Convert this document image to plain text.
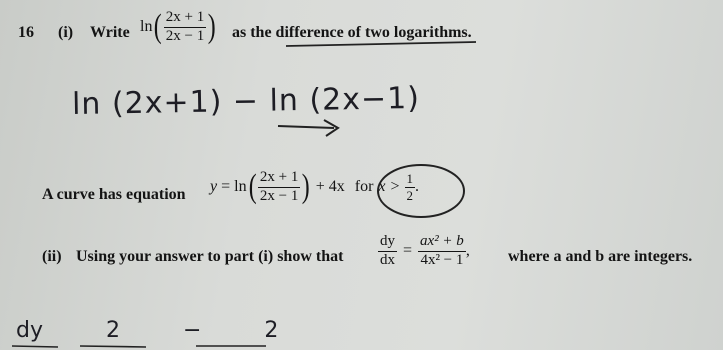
16 (i) Write ln ( $\frac{2x + 1}{2x - 1}$ ) as the difference of two logarithms.
ln (2x+1) − ln (2x−1)
A curve has equation y = ln ( $\frac{2x + 1}{2x - 1}$ ) + 4x for $x > \frac{1}{2}$ .
(ii) Using your answer to part (i) show that $\frac{dy}{dx} = \frac{\text{ax² + b}}{\text{4x² − 1}}$ , where a and b are integers.
dy 2 − 2
